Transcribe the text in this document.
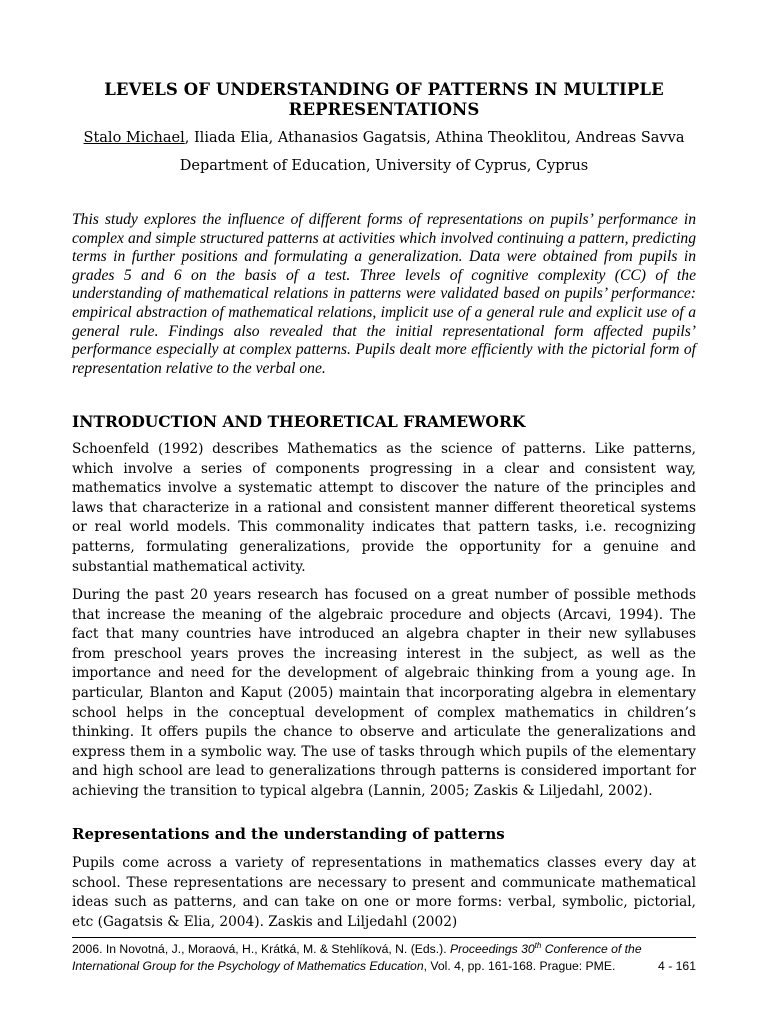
LEVELS OF UNDERSTANDING OF PATTERNS IN MULTIPLE
REPRESENTATIONS
Stalo Michael, Iliada Elia, Athanasios Gagatsis, Athina Theoklitou, Andreas Savva
Department of Education, University of Cyprus, Cyprus
This study explores the influence of different forms of representations on pupils’ performance in complex and simple structured patterns at activities which involved continuing a pattern, predicting terms in further positions and formulating a generalization. Data were obtained from pupils in grades 5 and 6 on the basis of a test. Three levels of cognitive complexity (CC) of the understanding of mathematical relations in patterns were validated based on pupils’ performance: empirical abstraction of mathematical relations, implicit use of a general rule and explicit use of a general rule. Findings also revealed that the initial representational form affected pupils’ performance especially at complex patterns. Pupils dealt more efficiently with the pictorial form of representation relative to the verbal one.
INTRODUCTION AND THEORETICAL FRAMEWORK
Schoenfeld (1992) describes Mathematics as the science of patterns. Like patterns, which involve a series of components progressing in a clear and consistent way, mathematics involve a systematic attempt to discover the nature of the principles and laws that characterize in a rational and consistent manner different theoretical systems or real world models. This commonality indicates that pattern tasks, i.e. recognizing patterns, formulating generalizations, provide the opportunity for a genuine and substantial mathematical activity.
During the past 20 years research has focused on a great number of possible methods that increase the meaning of the algebraic procedure and objects (Arcavi, 1994). The fact that many countries have introduced an algebra chapter in their new syllabuses from preschool years proves the increasing interest in the subject, as well as the importance and need for the development of algebraic thinking from a young age. In particular, Blanton and Kaput (2005) maintain that incorporating algebra in elementary school helps in the conceptual development of complex mathematics in children’s thinking. It offers pupils the chance to observe and articulate the generalizations and express them in a symbolic way. The use of tasks through which pupils of the elementary and high school are lead to generalizations through patterns is considered important for achieving the transition to typical algebra (Lannin, 2005; Zaskis & Liljedahl, 2002).
Representations and the understanding of patterns
Pupils come across a variety of representations in mathematics classes every day at school. These representations are necessary to present and communicate mathematical ideas such as patterns, and can take on one or more forms: verbal, symbolic, pictorial, etc (Gagatsis & Elia, 2004). Zaskis and Liljedahl (2002)
2006. In Novotná, J., Moraová, H., Krátká, M. & Stehlíková, N. (Eds.). Proceedings 30th Conference of the
International Group for the Psychology of Mathematics Education, Vol. 4, pp. 161-168. Prague: PME.	4 - 161
